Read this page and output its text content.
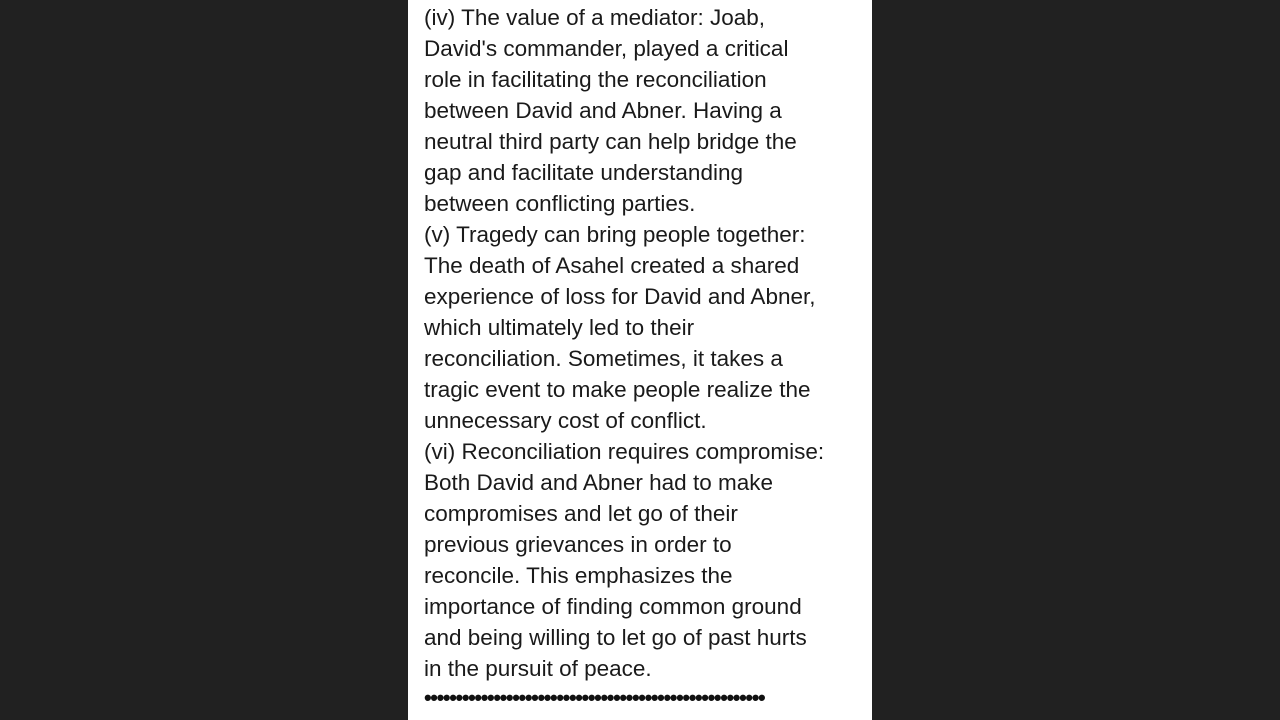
(iv) The value of a mediator: Joab,
David's commander, played a critical
role in facilitating the reconciliation
between David and Abner. Having a
neutral third party can help bridge the
gap and facilitate understanding
between conflicting parties.
(v) Tragedy can bring people together:
The death of Asahel created a shared
experience of loss for David and Abner,
which ultimately led to their
reconciliation. Sometimes, it takes a
tragic event to make people realize the
unnecessary cost of conflict.
(vi) Reconciliation requires compromise:
Both David and Abner had to make
compromises and let go of their
previous grievances in order to
reconcile. This emphasizes the
importance of finding common ground
and being willing to let go of past hurts
in the pursuit of peace.
••••••••••••••••••••••••••••••••••••••••••••••••••••••
